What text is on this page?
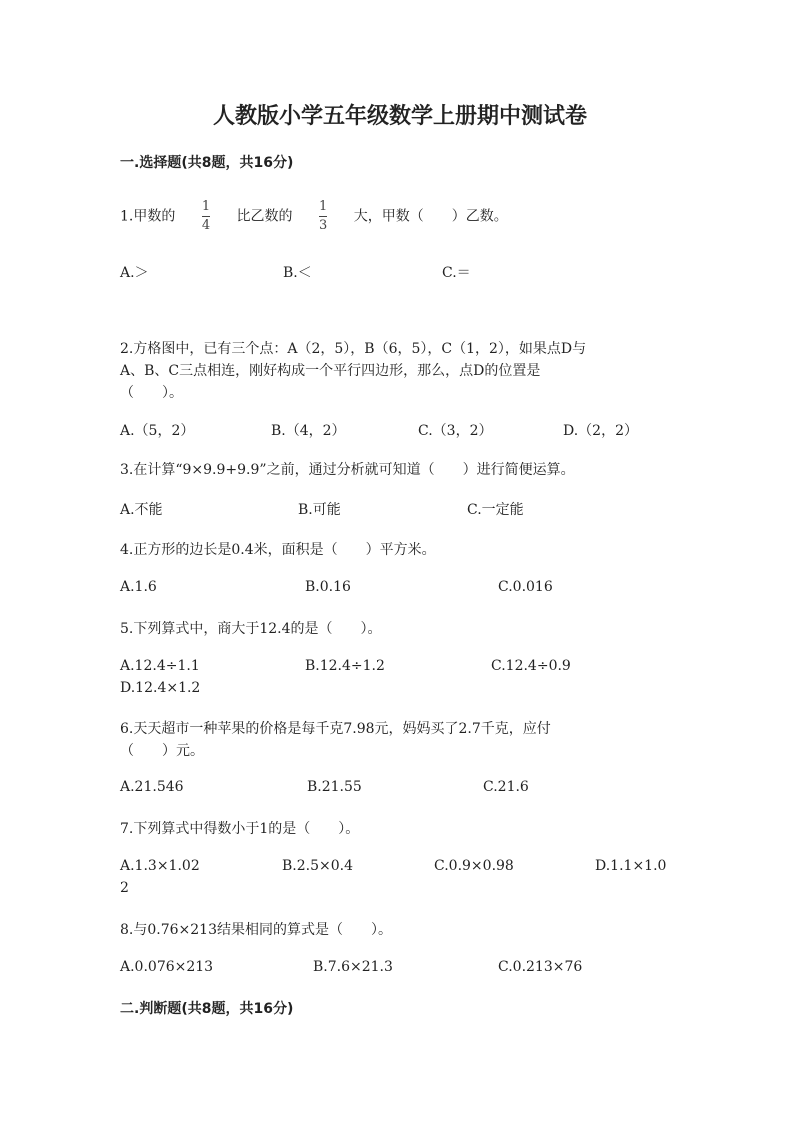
人教版小学五年级数学上册期中测试卷
一.选择题(共8题，共16分)
1.甲数的 $\frac{1}{4}$ 比乙数的 $\frac{1}{3}$ 大，甲数（　　）乙数。
A.＞	B.＜	C.＝
2.方格图中，已有三个点：A（2，5），B（6，5），C（1，2），如果点D与
A、B、C三点相连，刚好构成一个平行四边形，那么，点D的位置是
（　　）。
A.（5，2）	B.（4，2）	C.（3，2）	D.（2，2）
3.在计算“9×9.9+9.9”之前，通过分析就可知道（　　）进行简便运算。
A.不能	B.可能	C.一定能
4.正方形的边长是0.4米，面积是（　　）平方米。
A.1.6	B.0.16	C.0.016
5.下列算式中，商大于12.4的是（　　）。
A.12.4÷1.1	B.12.4÷1.2	C.12.4÷0.9
D.12.4×1.2
6.天天超市一种苹果的价格是每千克7.98元，妈妈买了2.7千克，应付
（　　）元。
A.21.546	B.21.55	C.21.6
7.下列算式中得数小于1的是（　　）。
A.1.3×1.02	B.2.5×0.4	C.0.9×0.98	D.1.1×1.0
2
8.与0.76×213结果相同的算式是（　　）。
A.0.076×213	B.7.6×21.3	C.0.213×76
二.判断题(共8题，共16分)
